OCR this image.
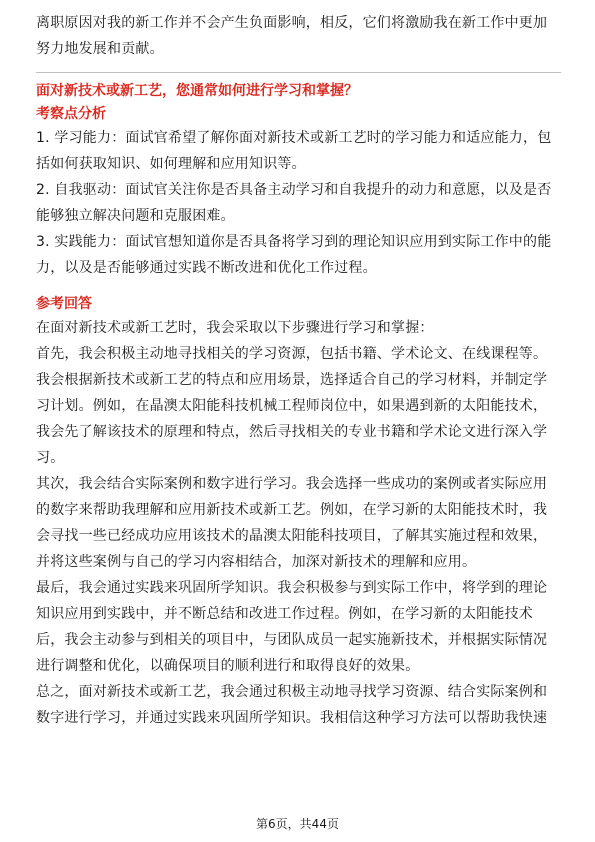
离职原因对我的新工作并不会产生负面影响，相反，它们将激励我在新工作中更加努力地发展和贡献。

面对新技术或新工艺，您通常如何进行学习和掌握？
考察点分析

1. 学习能力：面试官希望了解你面对新技术或新工艺时的学习能力和适应能力，包括如何获取知识、如何理解和应用知识等。

2. 自我驱动：面试官关注你是否具备主动学习和自我提升的动力和意愿，以及是否能够独立解决问题和克服困难。

3. 实践能力：面试官想知道你是否具备将学习到的理论知识应用到实际工作中的能力，以及是否能够通过实践不断改进和优化工作过程。

参考回答

在面对新技术或新工艺时，我会采取以下步骤进行学习和掌握：

首先，我会积极主动地寻找相关的学习资源，包括书籍、学术论文、在线课程等。我会根据新技术或新工艺的特点和应用场景，选择适合自己的学习材料，并制定学习计划。例如，在晶澳太阳能科技机械工程师岗位中，如果遇到新的太阳能技术，我会先了解该技术的原理和特点，然后寻找相关的专业书籍和学术论文进行深入学习。

其次，我会结合实际案例和数字进行学习。我会选择一些成功的案例或者实际应用的数字来帮助我理解和应用新技术或新工艺。例如，在学习新的太阳能技术时，我会寻找一些已经成功应用该技术的晶澳太阳能科技项目，了解其实施过程和效果，并将这些案例与自己的学习内容相结合，加深对新技术的理解和应用。

最后，我会通过实践来巩固所学知识。我会积极参与到实际工作中，将学到的理论知识应用到实践中，并不断总结和改进工作过程。例如，在学习新的太阳能技术后，我会主动参与到相关的项目中，与团队成员一起实施新技术，并根据实际情况进行调整和优化，以确保项目的顺利进行和取得良好的效果。

总之，面对新技术或新工艺，我会通过积极主动地寻找学习资源、结合实际案例和数字进行学习，并通过实践来巩固所学知识。我相信这种学习方法可以帮助我快速

第6页，共44页
